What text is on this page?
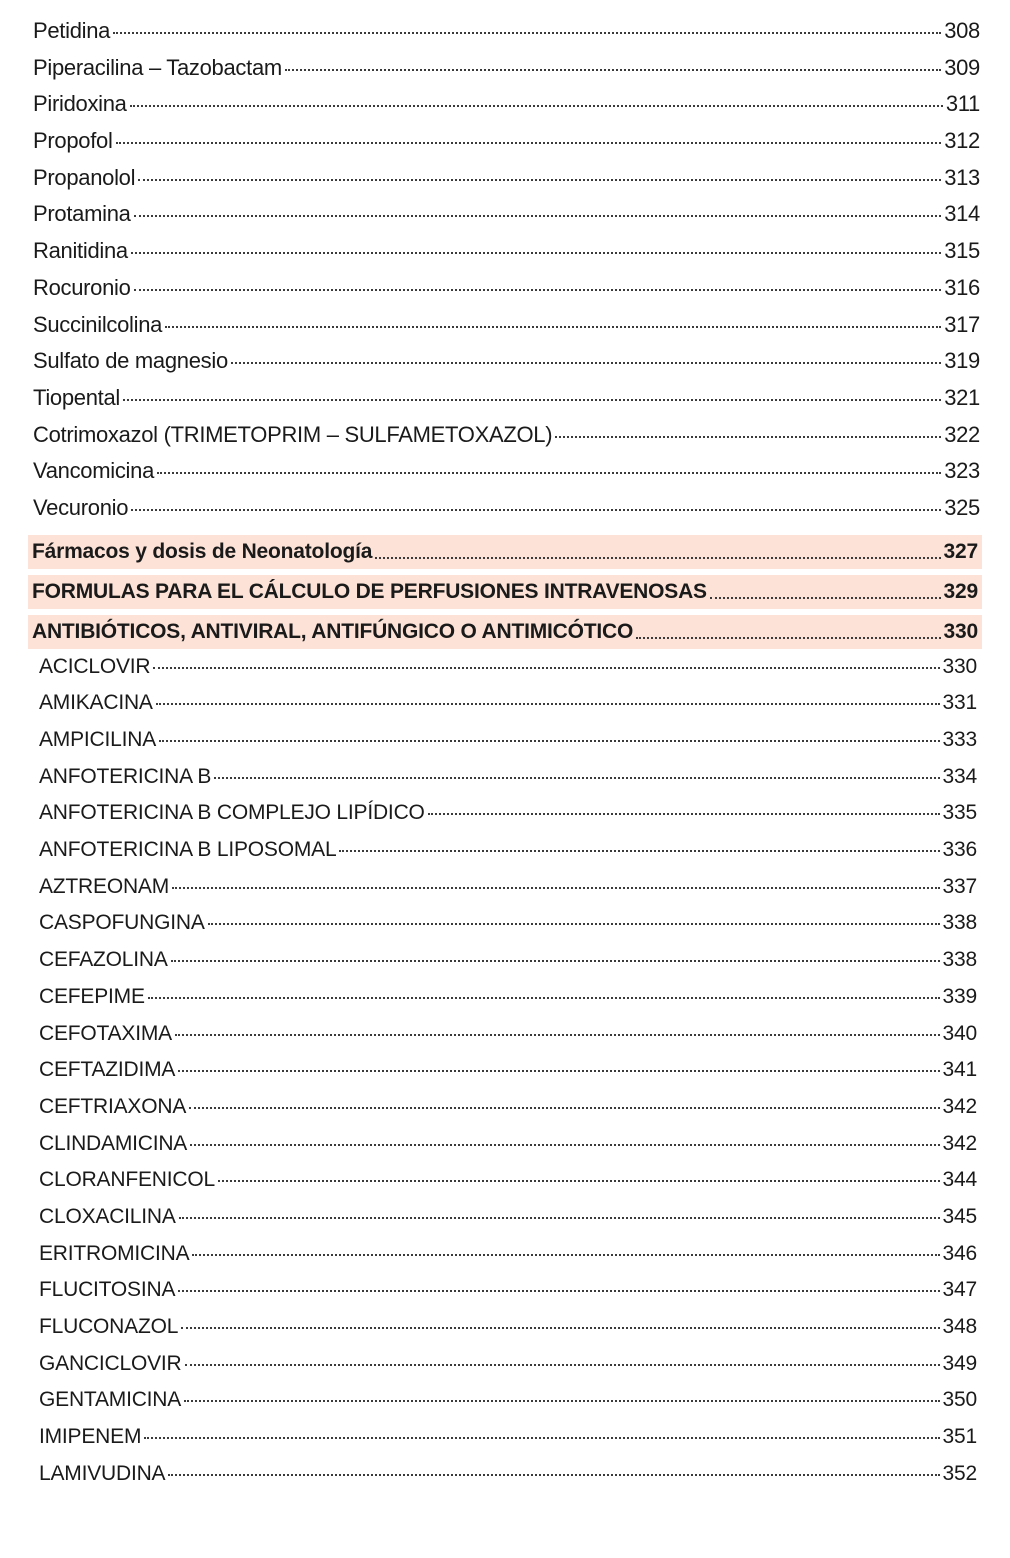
Petidina	308
Piperacilina – Tazobactam	309
Piridoxina	311
Propofol	312
Propanolol	313
Protamina	314
Ranitidina	315
Rocuronio	316
Succinilcolina	317
Sulfato de magnesio	319
Tiopental	321
Cotrimoxazol (TRIMETOPRIM – SULFAMETOXAZOL)	322
Vancomicina	323
Vecuronio	325
Fármacos y dosis de Neonatología	327
FORMULAS PARA EL CÁLCULO DE PERFUSIONES INTRAVENOSAS	329
ANTIBIÓTICOS, ANTIVIRAL, ANTIFÚNGICO O ANTIMICÓTICO	330
ACICLOVIR	330
AMIKACINA	331
AMPICILINA	333
ANFOTERICINA B	334
ANFOTERICINA B COMPLEJO LIPÍDICO	335
ANFOTERICINA B LIPOSOMAL	336
AZTREONAM	337
CASPOFUNGINA	338
CEFAZOLINA	338
CEFEPIME	339
CEFOTAXIMA	340
CEFTAZIDIMA	341
CEFTRIAXONA	342
CLINDAMICINA	342
CLORANFENICOL	344
CLOXACILINA	345
ERITROMICINA	346
FLUCITOSINA	347
FLUCONAZOL	348
GANCICLOVIR	349
GENTAMICINA	350
IMIPENEM	351
LAMIVUDINA	352
